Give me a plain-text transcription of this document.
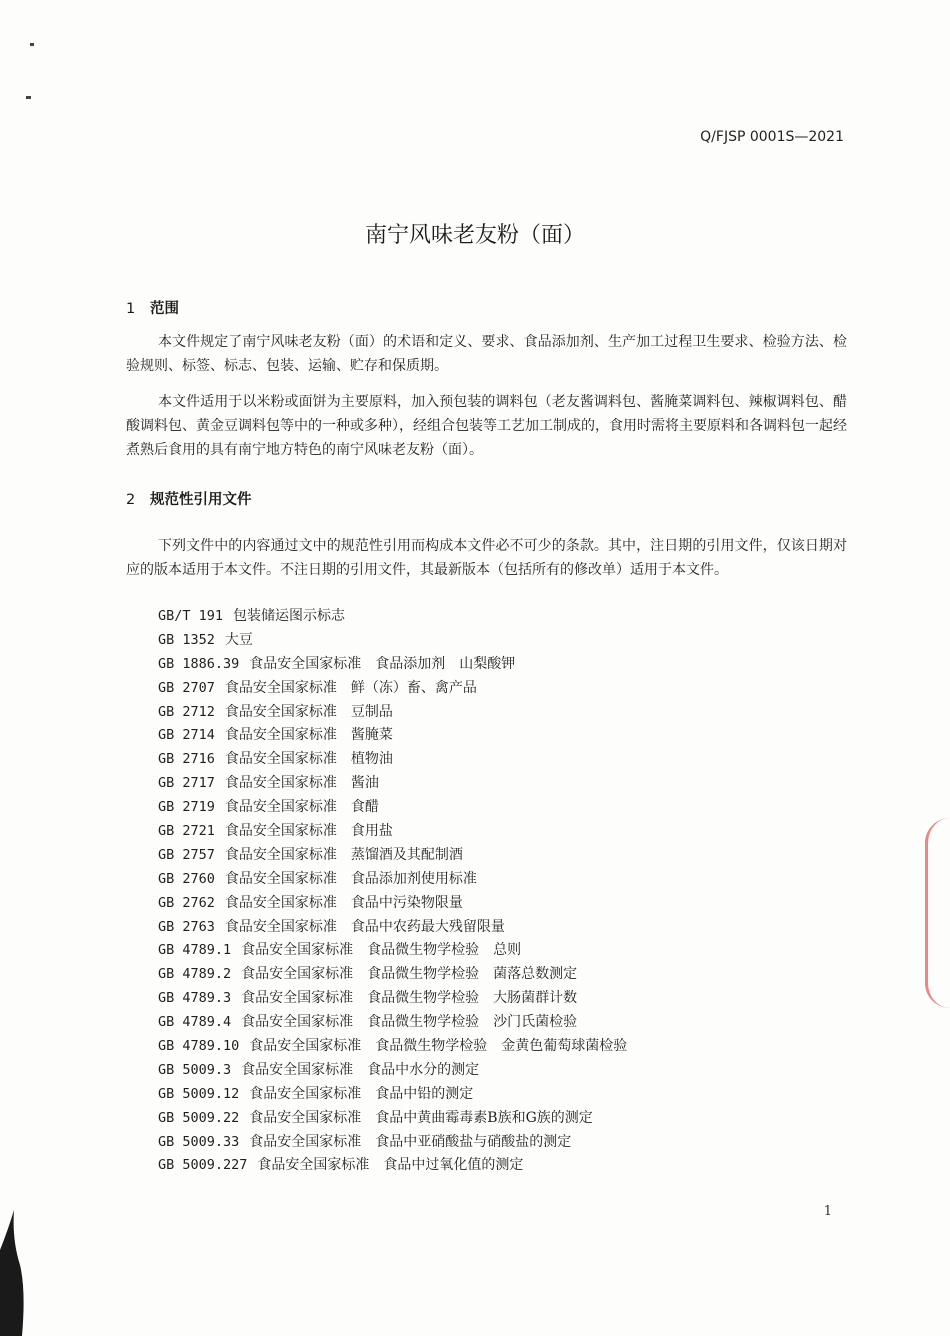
Q/FJSP 0001S—2021
南宁风味老友粉（面）
1 范围

本文件规定了南宁风味老友粉（面）的术语和定义、要求、食品添加剂、生产加工过程卫生要求、检验方法、检验规则、标签、标志、包装、运输、贮存和保质期。

本文件适用于以米粉或面饼为主要原料，加入预包装的调料包（老友酱调料包、酱腌菜调料包、辣椒调料包、醋酸调料包、黄金豆调料包等中的一种或多种），经组合包装等工艺加工制成的，食用时需将主要原料和各调料包一起经煮熟后食用的具有南宁地方特色的南宁风味老友粉（面）。

2 规范性引用文件

下列文件中的内容通过文中的规范性引用而构成本文件必不可少的条款。其中，注日期的引用文件，仅该日期对应的版本适用于本文件。不注日期的引用文件，其最新版本（包括所有的修改单）适用于本文件。

GB/T 191 包装储运图示标志
GB 1352 大豆
GB 1886.39 食品安全国家标准　食品添加剂　山梨酸钾
GB 2707 食品安全国家标准　鲜（冻）畜、禽产品
GB 2712 食品安全国家标准　豆制品
GB 2714 食品安全国家标准　酱腌菜
GB 2716 食品安全国家标准　植物油
GB 2717 食品安全国家标准　酱油
GB 2719 食品安全国家标准　食醋
GB 2721 食品安全国家标准　食用盐
GB 2757 食品安全国家标准　蒸馏酒及其配制酒
GB 2760 食品安全国家标准　食品添加剂使用标准
GB 2762 食品安全国家标准　食品中污染物限量
GB 2763 食品安全国家标准　食品中农药最大残留限量
GB 4789.1 食品安全国家标准　食品微生物学检验　总则
GB 4789.2 食品安全国家标准　食品微生物学检验　菌落总数测定
GB 4789.3 食品安全国家标准　食品微生物学检验　大肠菌群计数
GB 4789.4 食品安全国家标准　食品微生物学检验　沙门氏菌检验
GB 4789.10 食品安全国家标准　食品微生物学检验　金黄色葡萄球菌检验
GB 5009.3 食品安全国家标准　食品中水分的测定
GB 5009.12 食品安全国家标准　食品中铅的测定
GB 5009.22 食品安全国家标准　食品中黄曲霉毒素B族和G族的测定
GB 5009.33 食品安全国家标准　食品中亚硝酸盐与硝酸盐的测定
GB 5009.227 食品安全国家标准　食品中过氧化值的测定
1
